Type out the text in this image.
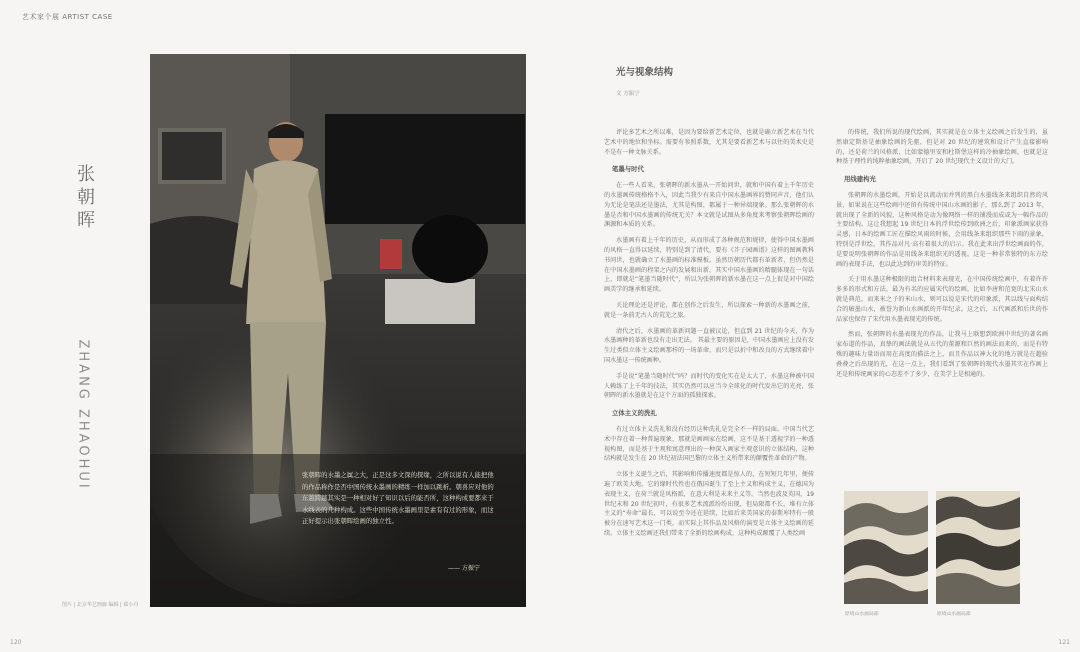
艺术家个展 ARTIST CASE
张
朝
晖
ZHANG ZHAOHUI
图片 | 北京华艺画廊 编辑 | 邱小丹
张朝晖的水墨之属之大，正是这多文深的探缘，之所以说有人能把他的作品称作是否中国传统水墨画的精练一样加以跳析。朝喜应对他的东越跨越其实是一种相对好了知识以后的能否所，这种构成要都来于水线表的几种构成。这些中国传统水墨画里是素有有过的形象，而这正好提示出张朝晖绘画的独立性。
—— 方振宁
光与视象结构
文 方振宁

评论多艺术之所以难，是因为要给新艺术定位，也就是确立新艺术在当代艺术中的地位和坐标。需要有参照系数，尤其是要看新艺术与以往的美术史是不是有一种文脉关系。

笔墨与时代

在一些人看来，张朝晖的新水墨从一开始问世，就和中国有着上千年历史的水墨画传统格格不入，因此当我少有来自中国水墨画界的赞同声音，他们认为无论是笔法还是墨法，尤其是构图，都属于一种异端现象。那么张朝晖的水墨是否和中国水墨画的传统无关？本文就是试图从多角度来考察张朝晖绘画的渊源和本质的关系。

水墨画有着上千年的历史，从而形成了各种规范和规律，使得中国水墨画的风格一直得以延续，特别是到了清代，要有《芥子园画谱》这样的图画教科书问世，也就确立了水墨画的标准模板。虽然历朝历代都有革新者，但仍然是在中国水墨画的程架之内的发展和出新，其实中国水墨画的精髓体现在一句话上，即就是“笔墨当随时代”，所以为张朝晖的新水墨在这一点上很是对中国绘画美学的继承和延续。

关论理论还是评论，都在创作之后发生，所以探索一种新的水墨画之前，就是一条前无古人的荒芜之旅。

清代之后，水墨画的革新问题一直被议论，但直到 21 世纪的今天，作为水墨画种的革新也没有走出无法。 其最主要的原因是，中国水墨画应上没有发生过类似立体主义绘画那样的一场革命，而只是以折中和改良的方式继续着中国水墨这一传统画种。

手是说“笔墨当随时代”吗？而时代的变化实在是太大了，水墨这种被中国人赖练了上千年的技法，其实仍然可以应当今全球化的时代发出它的光亮，张朝晖的新水墨就是在这个方面的孤独探索。

立体主义的洗礼

有过立体主义洗礼和没有经历这种洗礼是完全不一样的局面。中国当代艺术中存在着一种普遍现象，那就是画画家在绘画，这不是基于透视学的一种透视构图，而是基于主观和寓意理出的一种深入画家主观意识的立体结构，这种结构就是发生在 20 世纪初法国巴黎的立体主义所带来的颠覆性革命的产物。

立体主义诞生之后，其影响和传播速度都是惊人的，在短短几年里，便传遍了欧美大地。它的缘时代性也在俄国诞生了至上主义和构成主义，在德国为表现主义，在荷兰就是风格派，在意大利是未来主义等。当然也波及英国，19 世纪末和 20 世纪初叶，有很多艺术流派纷纷出现，但局限都不长，堆有立体主义的“寿命”最长，可以说至今还在延续，比如后来美国家的泰斯库特有一般被分在速写艺术这一门类，而实际上其作品及风格的演变是立体主义绘画的延续。立体主义绘画还我们带来了全新的绘画构成，这种构成颠覆了人类绘画

的传统，我们所说的现代绘画，其实就是在立体主义绘画之后发生的，虽然康定斯基是抽象绘画的先驱，但是对 20 世纪的建筑和设计产生直接影响的，还是荷兰的风格派，比如蒙德里安和杜斯堡这样的冷抽象绘画，也就是这种基于理性的纯粹抽象绘画，开启了 20 世纪现代主义设计的大门。

用线建构光

张朝晖的水墨绘画，开始是以流动而并列的黑白水墨线条来组织自然的风景，如果说在这些绘画中还留有传统中国山水画的影子，那么到了 2013 年，就出现了全新的风貌，这种风格是动为像网络一样的铺漫而成或为一幅作品的主要结构。这让我想起 19 世纪日本的浮世绘传到欧洲之后，印象派画家获得灵感，日本的绘画工匠在描绘风雨的时候，会用线条来组织那些下雨的景象，特别是浮世绘，其作品对凡·高有着很大的启示。我在此来出浮世绘画面的作，是要说明张朝晖的作品是用线条来组织光的透视，这是一种非常独特的东方绘画的表现手法，也以此达到的审美的特征。

关于用水墨这种极限的组合材料来表现光，在中国传统绘画中，有着许许多多的形式和方法，最为有名的应属宋代的绘画，比如李唐和范宽的北宋山水就是典范，而来米之子的米山水，则可以说是宋代的印象派，其以线与面构结合的皴墨山水，被誉为新山水画派的开年纪录。这之后，五代画派和后世的作品家也保存了宋代用水墨表现光的传统。

然而，张朝晖的水墨表现光的作品，让我马上联想到欧洲中世纪的著名画家布道的作品，真挚的画法就是从五代的董源和巨然的画法而来的，而是有特殊的趣味力量语而用在高度的描法之上，而且作品以神大化的地方就是在超验叠叠之后出现的光，在这一点上，我们看到了张朝晖的现代水墨其实在作画上还是和传统画家的心态差不了多少，在美学上是相通的。

原境山水画局部	原境山水画局部
120	121
